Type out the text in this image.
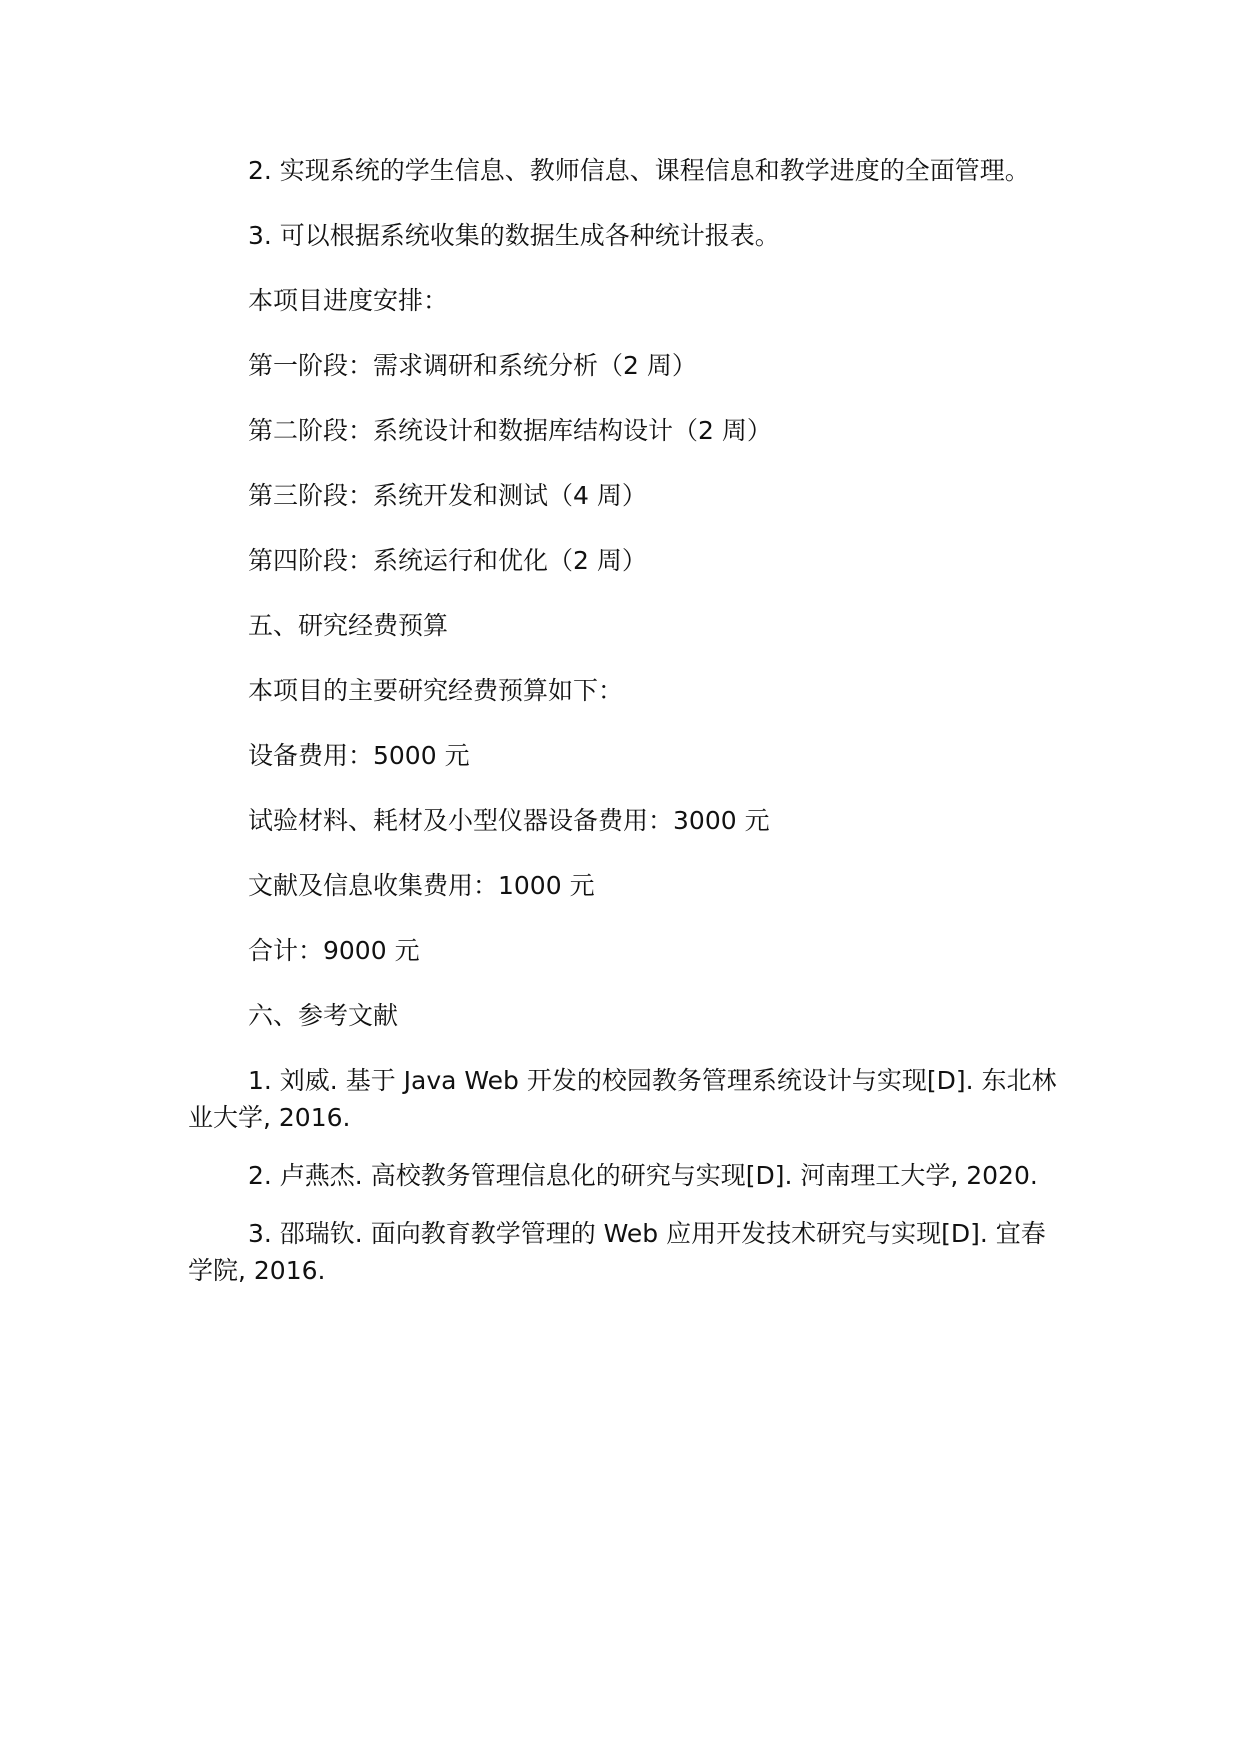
2. 实现系统的学生信息、教师信息、课程信息和教学进度的全面管理。

3. 可以根据系统收集的数据生成各种统计报表。

本项目进度安排：

第一阶段：需求调研和系统分析（2 周）

第二阶段：系统设计和数据库结构设计（2 周）

第三阶段：系统开发和测试（4 周）

第四阶段：系统运行和优化（2 周）

五、研究经费预算

本项目的主要研究经费预算如下：

设备费用：5000 元

试验材料、耗材及小型仪器设备费用：3000 元

文献及信息收集费用：1000 元

合计：9000 元

六、参考文献

1. 刘威. 基于 Java Web 开发的校园教务管理系统设计与实现[D]. 东北林业大学, 2016.

2. 卢燕杰. 高校教务管理信息化的研究与实现[D]. 河南理工大学, 2020.

3. 邵瑞钦. 面向教育教学管理的 Web 应用开发技术研究与实现[D]. 宜春学院, 2016.
